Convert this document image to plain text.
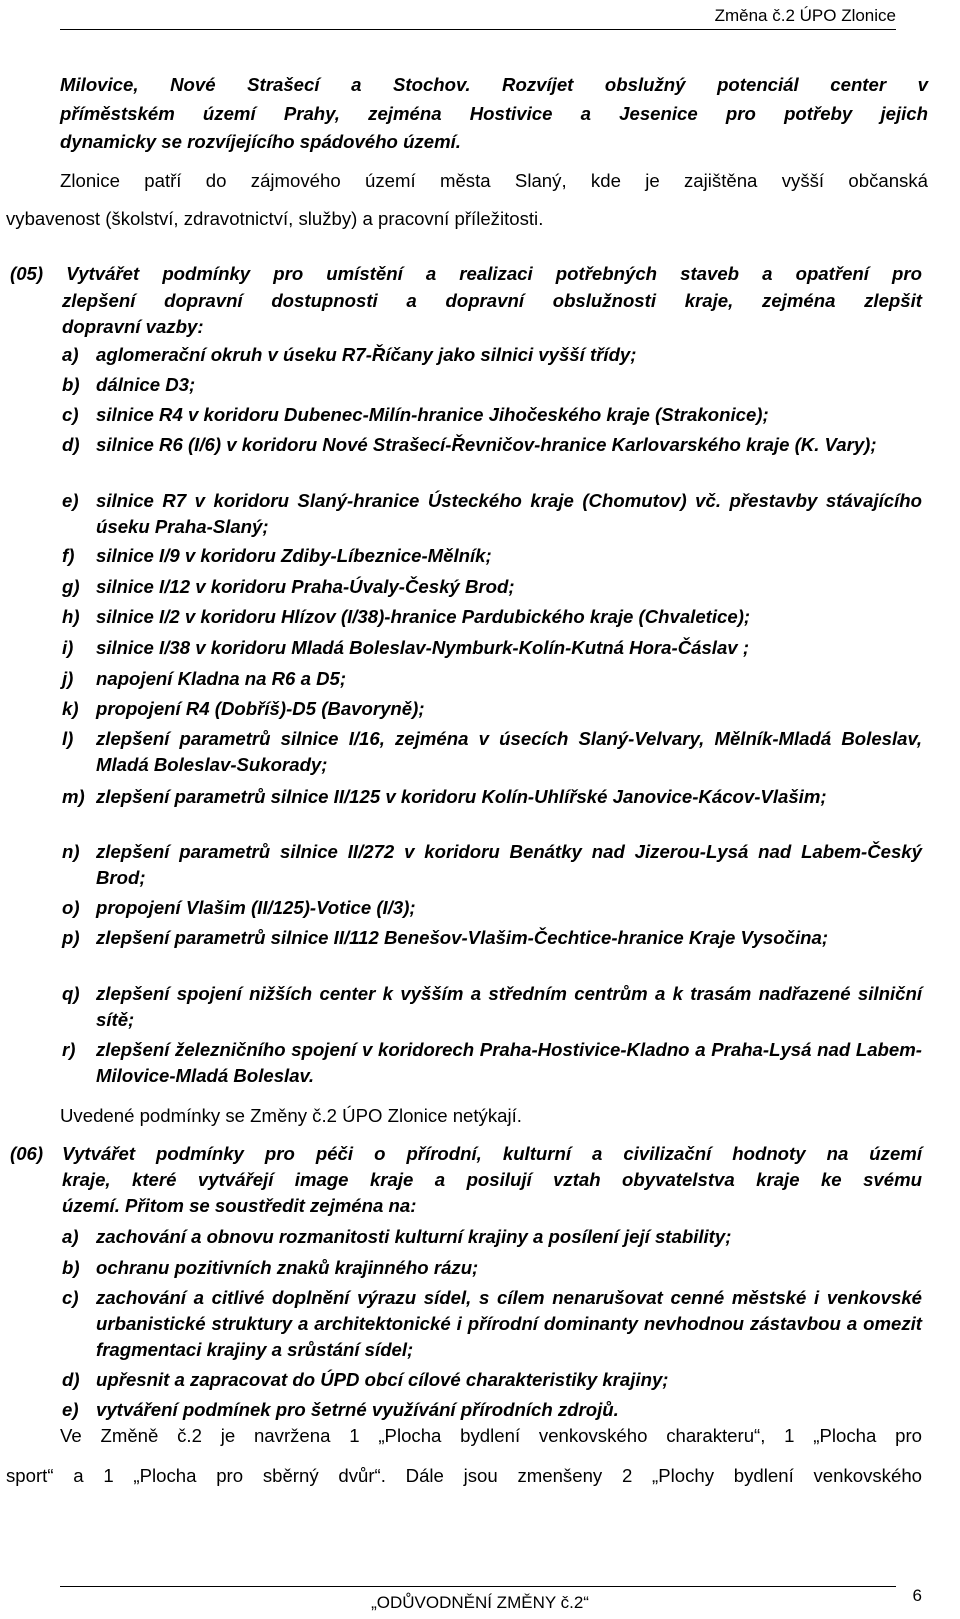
Změna č.2 ÚPO Zlonice
Milovice, Nové Strašecí a Stochov. Rozvíjet obslužný potenciál center v
příměstském území Prahy, zejména Hostivice a Jesenice pro potřeby jejich
dynamicky se rozvíjejícího spádového území.
Zlonice patří do zájmového území města Slaný, kde je zajištěna vyšší občanská
vybavenost (školství, zdravotnictví, služby) a pracovní příležitosti.
(05) Vytvářet podmínky pro umístění a realizaci potřebných staveb a opatření pro
zlepšení dopravní dostupnosti a dopravní obslužnosti kraje, zejména zlepšit
dopravní vazby:
a) aglomerační okruh v úseku R7-Říčany jako silnici vyšší třídy;
b) dálnice D3;
c) silnice R4 v koridoru Dubenec-Milín-hranice Jihočeského kraje (Strakonice);
d) silnice R6 (I/6) v koridoru Nové Strašecí-Řevničov-hranice Karlovarského kraje (K. Vary);
e) silnice R7 v koridoru Slaný-hranice Ústeckého kraje (Chomutov) vč. přestavby stávajícího úseku Praha-Slaný;
f)	silnice I/9 v koridoru Zdiby-Líbeznice-Mělník;
g) silnice I/12 v koridoru Praha-Úvaly-Český Brod;
h) silnice I/2 v koridoru Hlízov (I/38)-hranice Pardubického kraje (Chvaletice);
i)	silnice I/38 v koridoru Mladá Boleslav-Nymburk-Kolín-Kutná Hora-Čáslav ;
j)	napojení Kladna na R6 a D5;
k) propojení R4 (Dobříš)-D5 (Bavoryně);
l)	zlepšení parametrů silnice I/16, zejména v úsecích Slaný-Velvary, Mělník-Mladá Boleslav, Mladá Boleslav-Sukorady;
m) zlepšení parametrů silnice II/125 v koridoru Kolín-Uhlířské Janovice-Kácov-Vlašim;
n) zlepšení parametrů silnice II/272 v koridoru Benátky nad Jizerou-Lysá nad Labem-Český Brod;
o) propojení Vlašim (II/125)-Votice (I/3);
p) zlepšení parametrů silnice II/112 Benešov-Vlašim-Čechtice-hranice Kraje Vysočina;
q) zlepšení spojení nižších center k vyšším a středním centrům a k trasám nadřazené silniční sítě;
r)	zlepšení železničního spojení v koridorech Praha-Hostivice-Kladno a Praha-Lysá nad Labem-Milovice-Mladá Boleslav.
Uvedené podmínky se Změny č.2 ÚPO Zlonice netýkají.
(06)	Vytvářet podmínky pro péči o přírodní, kulturní a civilizační hodnoty na území
kraje, které vytvářejí image kraje a posilují vztah obyvatelstva kraje ke svému
území. Přitom se soustředit zejména na:
a) zachování a obnovu rozmanitosti kulturní krajiny a posílení její stability;
b) ochranu pozitivních znaků krajinného rázu;
c) zachování a citlivé doplnění výrazu sídel, s cílem nenarušovat cenné městské i venkovské urbanistické struktury a architektonické i přírodní dominanty nevhodnou zástavbou a omezit fragmentaci krajiny a srůstání sídel;
d) upřesnit a zapracovat do ÚPD obcí cílové charakteristiky krajiny;
e) vytváření podmínek pro šetrné využívání přírodních zdrojů.
Ve Změně č.2 je navržena 1 „Plocha bydlení venkovského charakteru“, 1 „Plocha pro
sport“ a 1 „Plocha pro sběrný dvůr“. Dále jsou zmenšeny 2 „Plochy bydlení venkovského
„ODŮVODNĚNÍ ZMĚNY č.2“	6
